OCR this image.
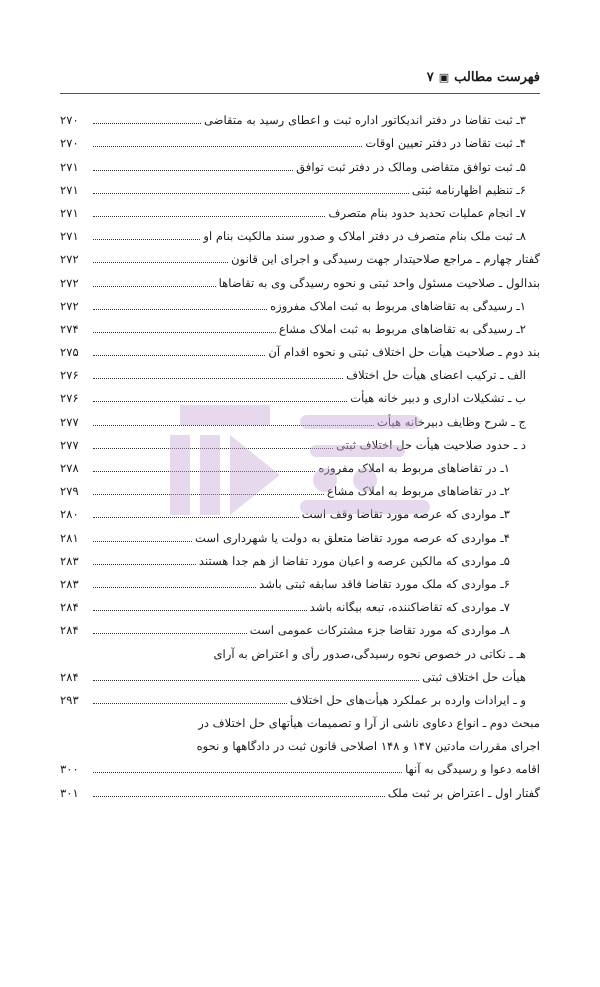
فهرست مطالب
▣
۷
۳ـ ثبت تقاضا در دفتر اندیکاتور اداره ثبت و اعطای رسید به متقاضی
۲۷۰
۴ـ ثبت تقاضا در دفتر تعیین اوقات
۲۷۰
۵ـ ثبت توافق متقاضی ومالک در دفتر ثبت توافق
۲۷۱
۶ـ تنظیم اظهارنامه ثبتی
۲۷۱
۷ـ انجام عملیات تحدید حدود بنام متصرف
۲۷۱
۸ـ ثبت ملک بنام متصرف در دفتر املاک و صدور سند مالکیت بنام او
۲۷۱
گفتار چهارم ـ مراجع صلاحیتدار جهت رسیدگی و اجرای این قانون
۲۷۲
بندالول ـ صلاحیت مسئول واحد ثبتی و نحوه رسیدگی وی به تقاضاها
۲۷۲
۱ـ رسیدگی به تقاضاهای مربوط به ثبت املاک مفروزه
۲۷۲
۲ـ رسیدگی به تقاضاهای مربوط به ثبت املاک مشاع
۲۷۴
بند دوم ـ صلاحیت هیأت حل اختلاف ثبتی و نحوه اقدام آن
۲۷۵
الف ـ ترکیب اعضای هیأت حل اختلاف
۲۷۶
ب ـ تشکیلات اداری و دبیر خانه هیأت
۲۷۶
ج ـ شرح وظایف دبیرخانه هیأت
۲۷۷
د ـ حدود صلاحیت هیأت حل اختلاف ثبتی
۲۷۷
۱ـ در تقاضاهای مربوط به املاک مفروزه
۲۷۸
۲ـ در تقاضاهای مربوط به املاک مشاع
۲۷۹
۳ـ مواردی که عرصه مورد تقاضا وقف است
۲۸۰
۴ـ مواردی که عرصه مورد تقاضا متعلق به دولت یا شهرداری است
۲۸۱
۵ـ مواردی که مالکین عرصه و اعیان مورد تقاضا از هم جدا هستند
۲۸۳
۶ـ مواردی که ملک مورد تقاضا فاقد سابقه ثبتی باشد
۲۸۳
۷ـ مواردی که تقاضاکننده، تبعه بیگانه باشد
۲۸۴
۸ـ مواردی که مورد تقاضا جزء مشترکات عمومی است
۲۸۴
هـ ـ نکاتی در خصوص نحوه رسیدگی،صدور رأی و اعتراض به آرای
هیأت حل اختلاف ثبتی
۲۸۴
و ـ ایرادات وارده بر عملکرد هیأت‌های حل اختلاف
۲۹۳
مبحث دوم ـ انواع دعاوی ناشی از آرا و تصمیمات هیأتهای حل اختلاف در
اجرای مقررات مادتین ۱۴۷ و ۱۴۸ اصلاحی قانون ثبت در دادگاهها و نحوه
اقامه دعوا و رسیدگی به آنها
۳۰۰
گفتار اول ـ اعتراض بر ثبت ملک
۳۰۱
